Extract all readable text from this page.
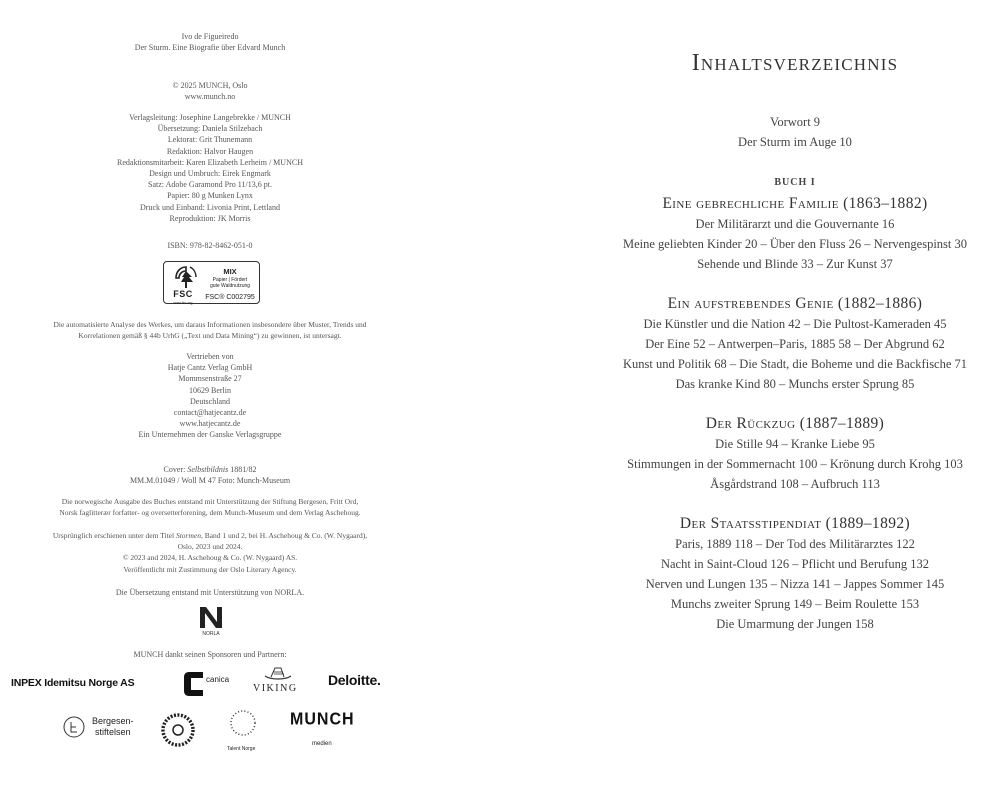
Ivo de Figueiredo
Der Sturm. Eine Biografie über Edvard Munch
© 2025 MUNCH, Oslo
www.munch.no
Verlagsleitung: Josephine Langebrekke / MUNCH
Übersetzung: Daniela Stilzebach
Lektorat: Grit Thunemann
Redaktion: Halvor Haugen
Redaktionsmitarbeit: Karen Elizabeth Lerheim / MUNCH
Design und Umbruch: Eirek Engmark
Satz: Adobe Garamond Pro 11/13,6 pt.
Papier: 80 g Munken Lynx
Druck und Einband: Livonia Print, Lettland
Reproduktion: JK Morris
ISBN: 978-82-8462-051-0
FSC
www.fsc.org
MIX
Papier | Fördert
gute Waldnutzung
FSC® C002795
Die automatisierte Analyse des Werkes, um daraus Informationen insbesondere über Muster, Trends und
Korrelationen gemäß § 44b UrhG („Text und Data Mining“) zu gewinnen, ist untersagt.
Vertrieben von
Hatje Cantz Verlag GmbH
Mommsenstraße 27
10629 Berlin
Deutschland
contact@hatjecantz.de
www.hatjecantz.de
Ein Unternehmen der Ganske Verlagsgruppe
Cover: Selbstbildnis 1881/82
MM.M.01049 / Woll M 47 Foto: Munch-Museum
Die norwegische Ausgabe des Buches entstand mit Unterstützung der Stiftung Bergesen, Fritt Ord,
Norsk faglitterær forfatter- og oversetterforening, dem Munch-Museum und dem Verlag Aschehoug.
Ursprünglich erschienen unter dem Titel Stormen, Band 1 und 2, bei H. Aschehoug & Co. (W. Nygaard),
Oslo, 2023 und 2024.
© 2023 and 2024, H. Aschehoug & Co. (W. Nygaard) AS.
Veröffentlicht mit Zustimmung der Oslo Literary Agency.
Die Übersetzung entstand mit Unterstützung von NORLA.
NORLA
MUNCH dankt seinen Sponsoren und Partnern:
INPEX Idemitsu Norge AS	canica
VIKING
Deloitte.
Bergesen-
stiftelsen
Talent Norge
MUNCH
medien
Inhaltsverzeichnis
Vorwort 9
Der Sturm im Auge 10
BUCH I
Eine gebrechliche Familie (1863–1882)
Der Militärarzt und die Gouvernante 16
Meine geliebten Kinder 20 – Über den Fluss 26 – Nervengespinst 30
Sehende und Blinde 33 – Zur Kunst 37
Ein aufstrebendes Genie (1882–1886)
Die Künstler und die Nation 42 – Die Pultost-Kameraden 45
Der Eine 52 – Antwerpen–Paris, 1885 58 – Der Abgrund 62
Kunst und Politik 68 – Die Stadt, die Boheme und die Backfische 71
Das kranke Kind 80 – Munchs erster Sprung 85
Der Rückzug (1887–1889)
Die Stille 94 – Kranke Liebe 95
Stimmungen in der Sommernacht 100 – Krönung durch Krohg 103
Åsgårdstrand 108 – Aufbruch 113
Der Staatsstipendiat (1889–1892)
Paris, 1889 118 – Der Tod des Militärarztes 122
Nacht in Saint-Cloud 126 – Pflicht und Berufung 132
Nerven und Lungen 135 – Nizza 141 – Jappes Sommer 145
Munchs zweiter Sprung 149 – Beim Roulette 153
Die Umarmung der Jungen 158
